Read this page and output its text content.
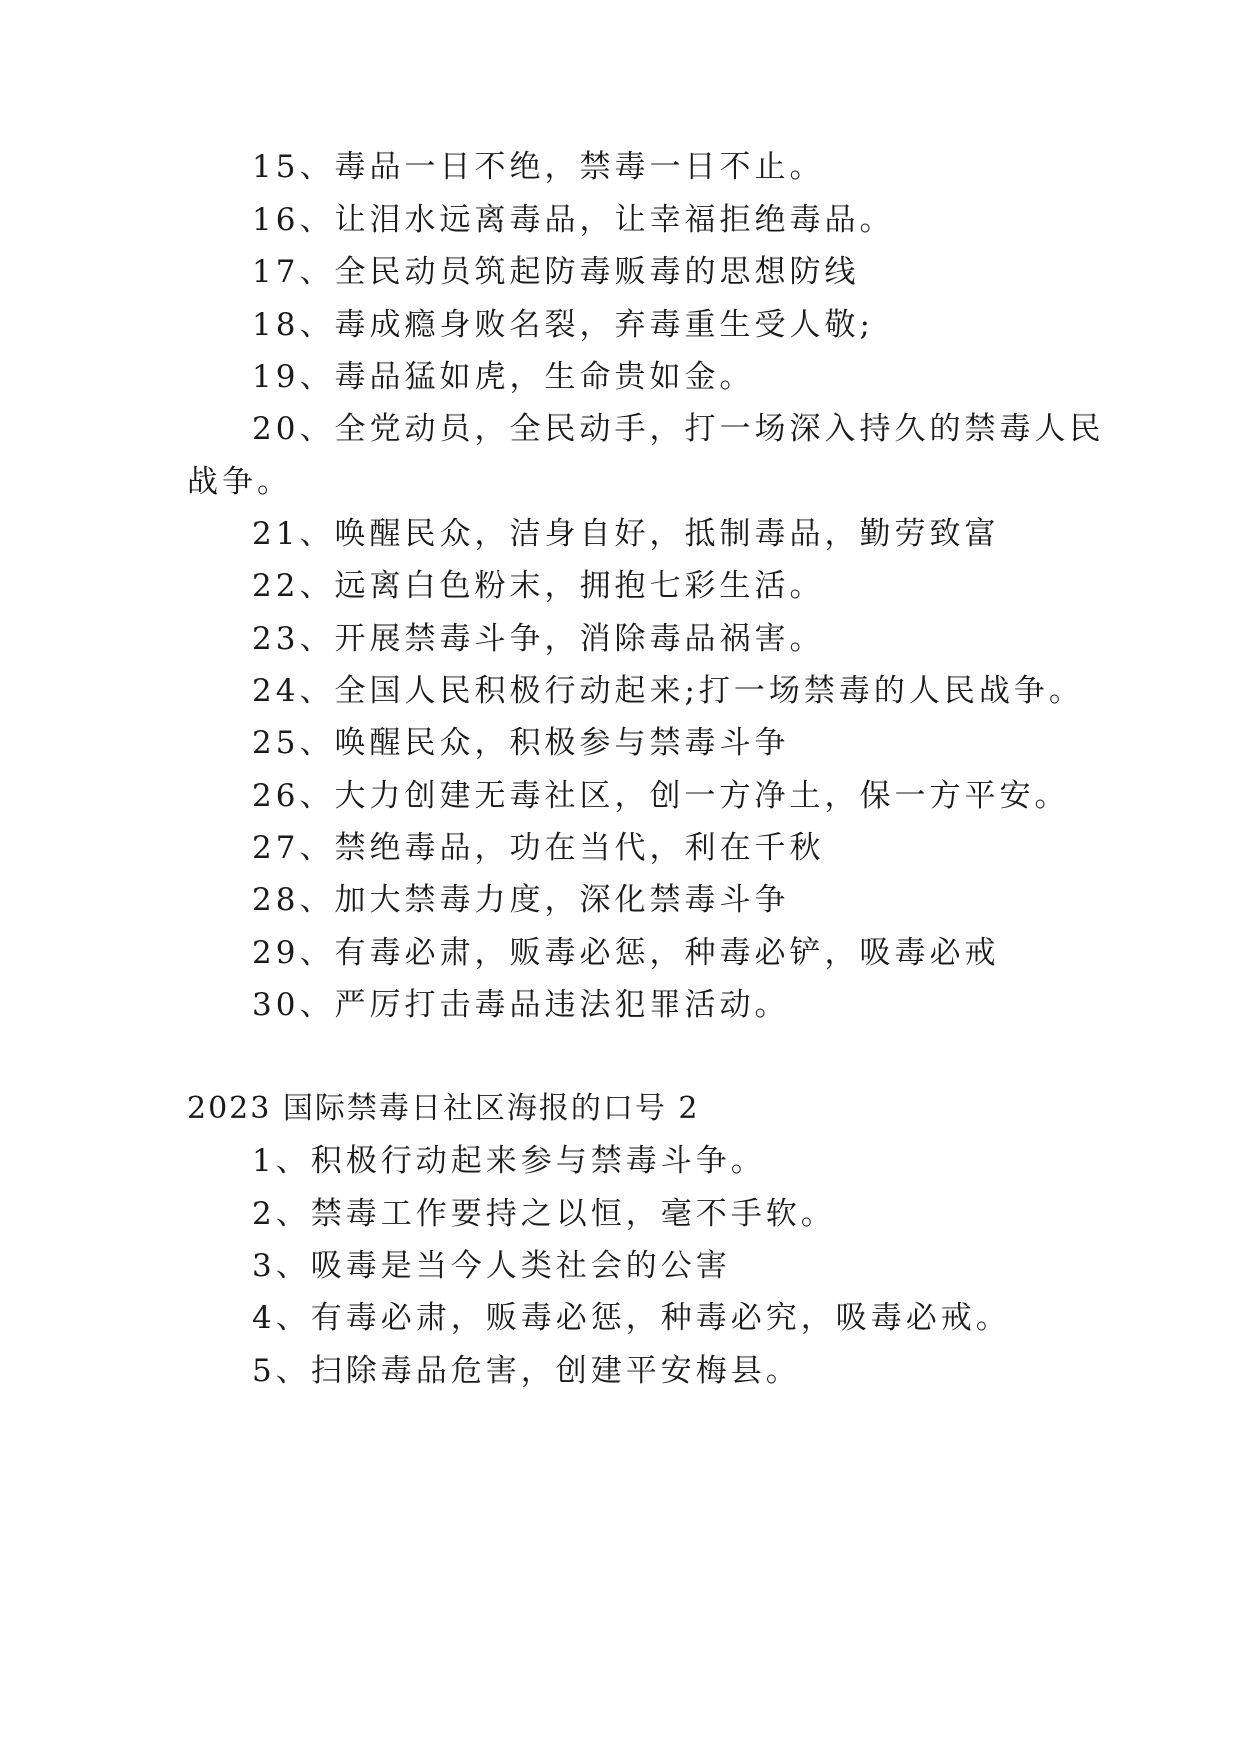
15、毒品一日不绝，禁毒一日不止。
16、让泪水远离毒品，让幸福拒绝毒品。
17、全民动员筑起防毒贩毒的思想防线
18、毒成瘾身败名裂，弃毒重生受人敬;
19、毒品猛如虎，生命贵如金。
20、全党动员，全民动手，打一场深入持久的禁毒人民
战争。
21、唤醒民众，洁身自好，抵制毒品，勤劳致富
22、远离白色粉末，拥抱七彩生活。
23、开展禁毒斗争，消除毒品祸害。
24、全国人民积极行动起来;打一场禁毒的人民战争。
25、唤醒民众，积极参与禁毒斗争
26、大力创建无毒社区，创一方净土，保一方平安。
27、禁绝毒品，功在当代，利在千秋
28、加大禁毒力度，深化禁毒斗争
29、有毒必肃，贩毒必惩，种毒必铲，吸毒必戒
30、严厉打击毒品违法犯罪活动。
2023 国际禁毒日社区海报的口号 2
1、积极行动起来参与禁毒斗争。
2、禁毒工作要持之以恒，毫不手软。
3、吸毒是当今人类社会的公害
4、有毒必肃，贩毒必惩，种毒必究，吸毒必戒。
5、扫除毒品危害，创建平安梅县。
